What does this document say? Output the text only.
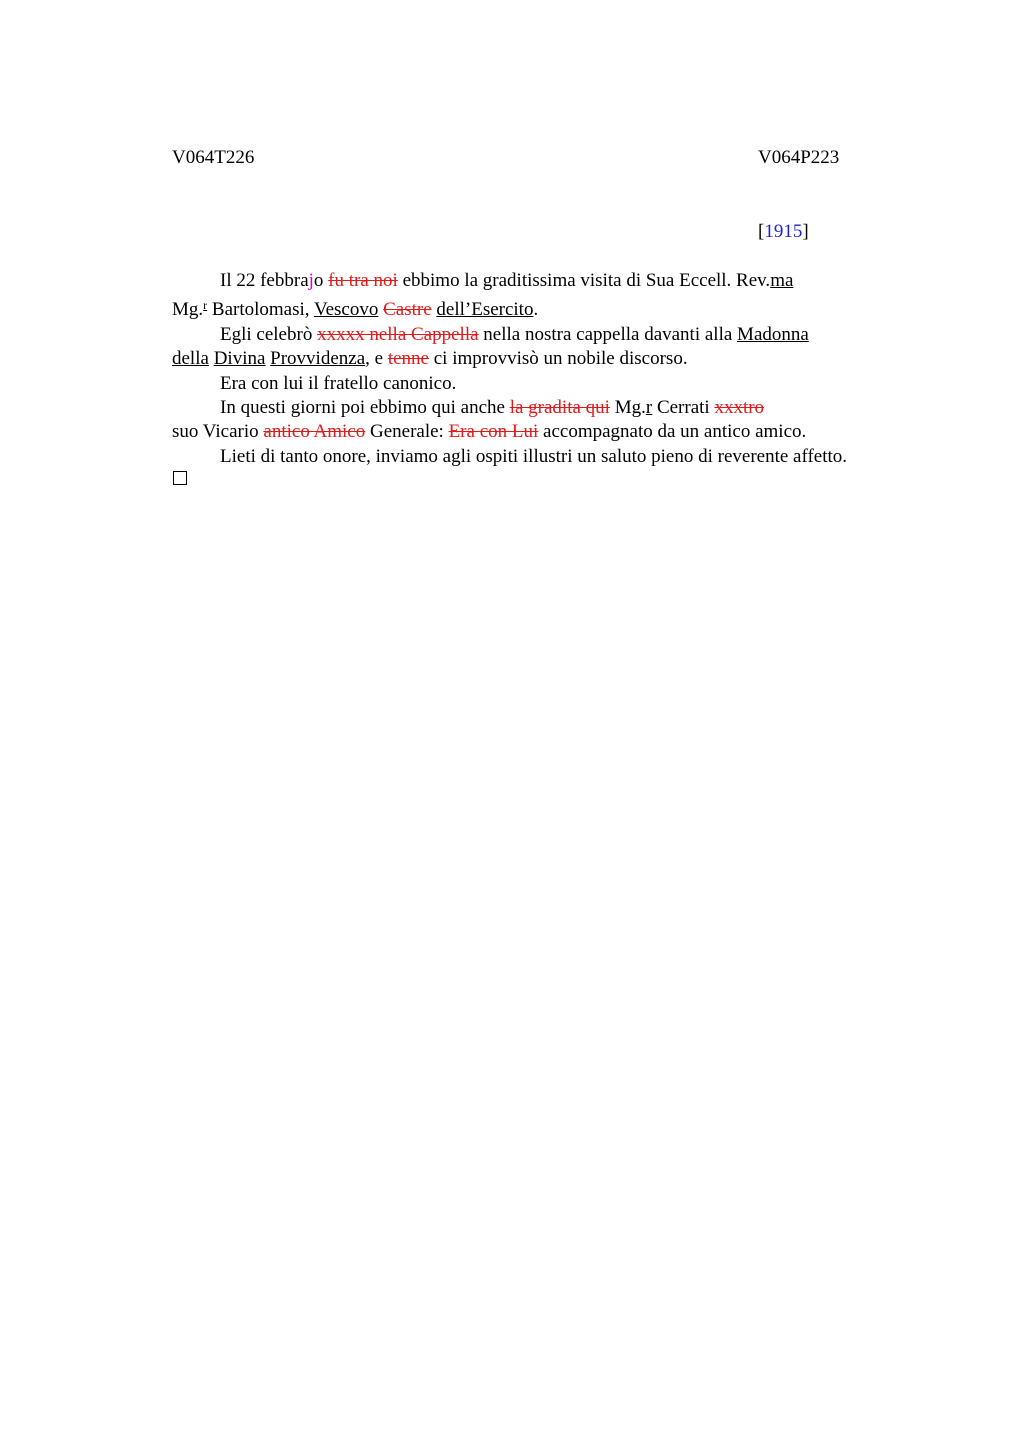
V064T226	V064P223
[1915]
Il 22 febbrajo fu tra noi ebbimo la graditissima visita di Sua Eccell. Rev.ma
Mg.$^r$ Bartolomasi, Vescovo Castre dell’Esercito.
Egli celebrò xxxxx nella Cappella nella nostra cappella davanti alla Madonna
della Divina Provvidenza, e tenne ci improvvisò un nobile discorso.
Era con lui il fratello canonico.
In questi giorni poi ebbimo qui anche la gradita qui Mg.r Cerrati xxxtro
suo Vicario antico Amico Generale: Era con Lui accompagnato da un antico amico.
Lieti di tanto onore, inviamo agli ospiti illustri un saluto pieno di reverente affetto.
